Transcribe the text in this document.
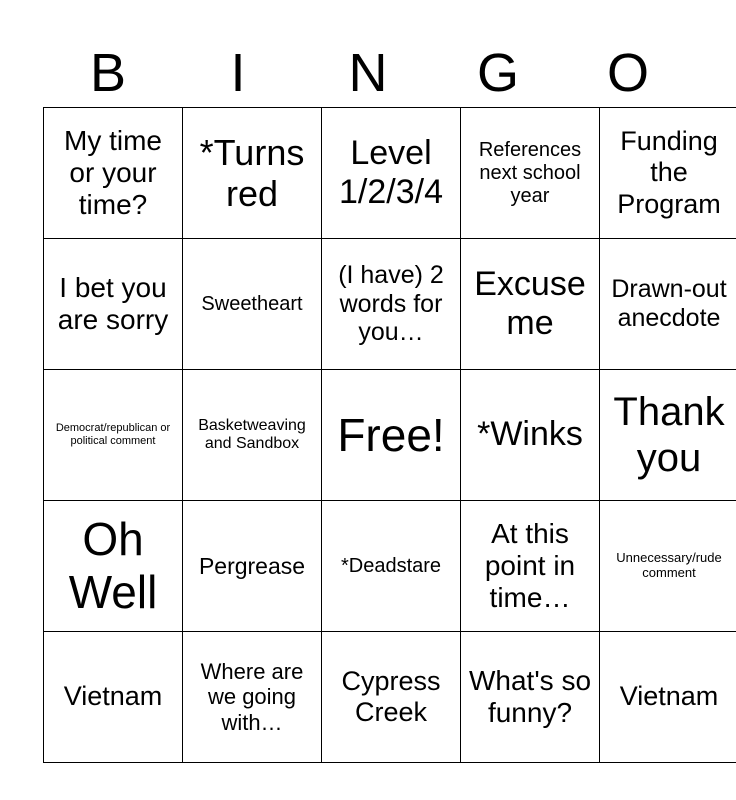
B	I	N	G	O
My time or your time?	*Turns red	Level 1/2/3/4	References next school year	Funding the Program
I bet you are sorry	Sweetheart	(I have) 2 words for you…	Excuse me	Drawn-out anecdote
Democrat/republican or political comment	Basketweaving and Sandbox	Free!	*Winks	Thank you
Oh Well	Pergrease	*Deadstare	At this point in time…	Unnecessary/rude comment
Vietnam	Where are we going with…	Cypress Creek	What's so funny?	Vietnam
